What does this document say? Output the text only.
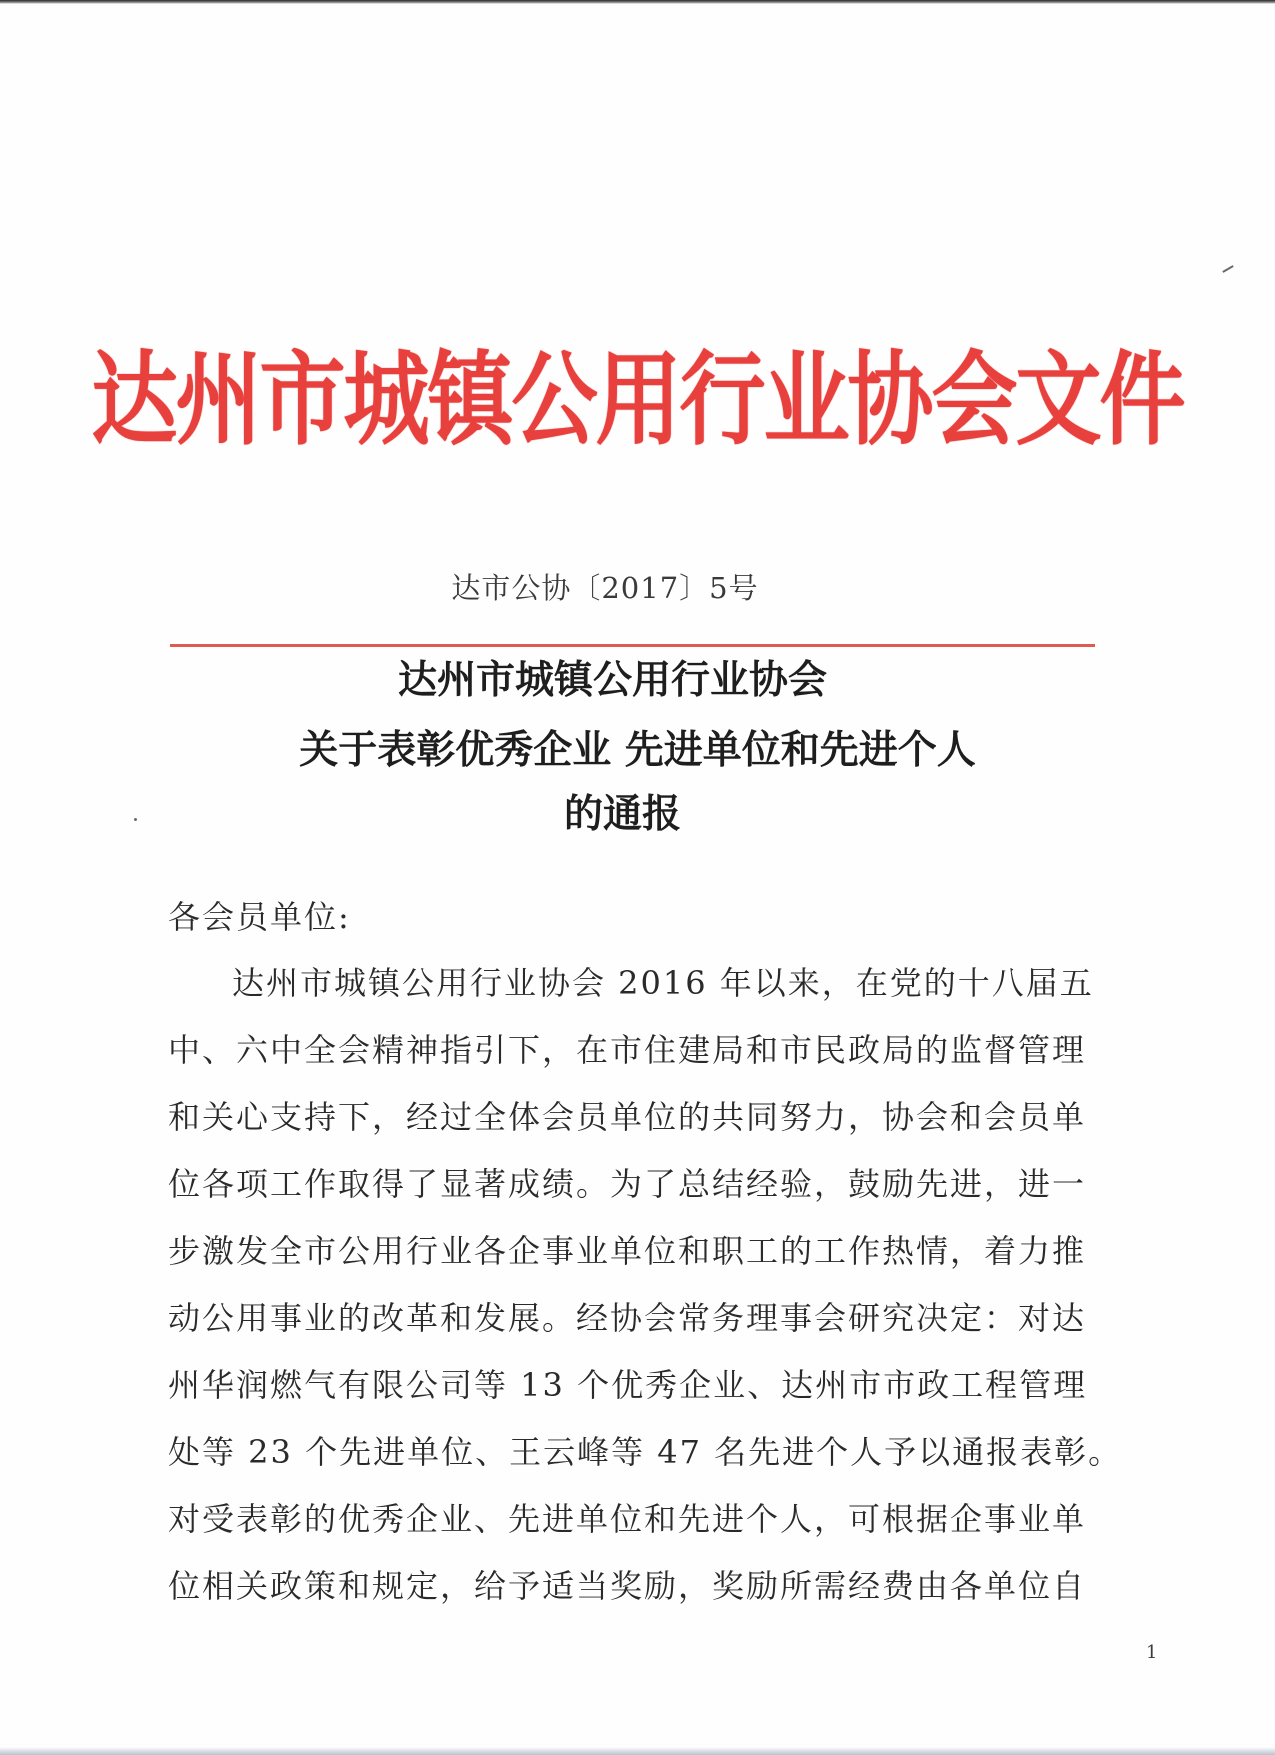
达州市城镇公用行业协会文件
达市公协〔2017〕5号
达州市城镇公用行业协会
关于表彰优秀企业 先进单位和先进个人
的通报
各会员单位:
达州市城镇公用行业协会 2016 年以来，在党的十八届五
中、六中全会精神指引下，在市住建局和市民政局的监督管理
和关心支持下，经过全体会员单位的共同努力，协会和会员单
位各项工作取得了显著成绩。为了总结经验，鼓励先进，进一
步激发全市公用行业各企事业单位和职工的工作热情，着力推
动公用事业的改革和发展。经协会常务理事会研究决定：对达
州华润燃气有限公司等 13 个优秀企业、达州市市政工程管理
处等 23 个先进单位、王云峰等 47 名先进个人予以通报表彰。
对受表彰的优秀企业、先进单位和先进个人，可根据企事业单
位相关政策和规定，给予适当奖励，奖励所需经费由各单位自
1
